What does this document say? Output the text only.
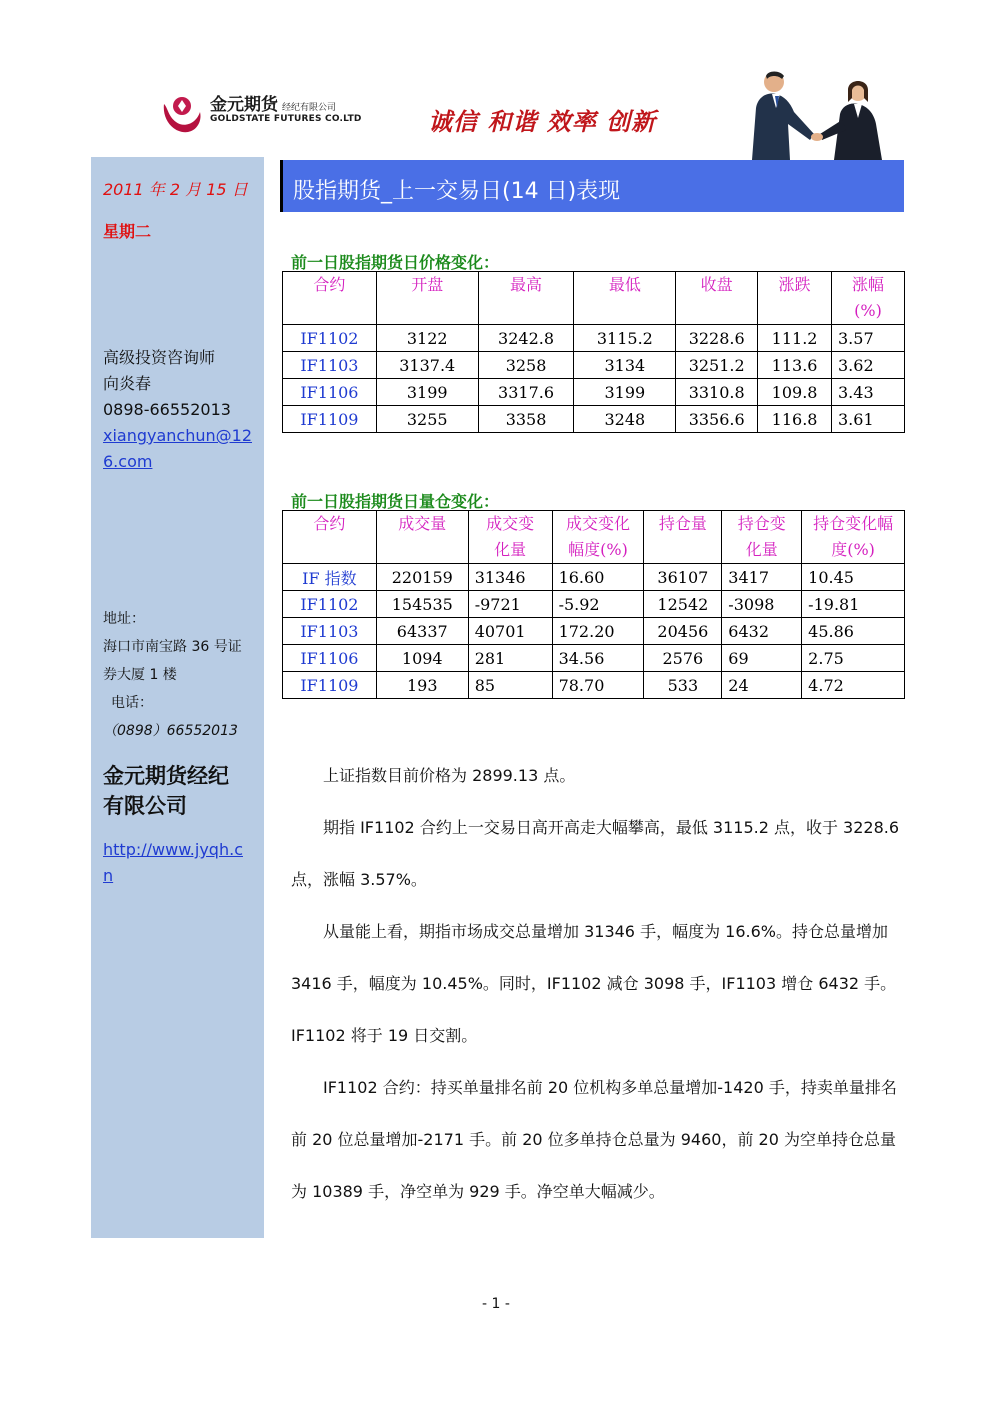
金元期货 经纪有限公司
GOLDSTATE FUTURES CO.LTD	诚信 和谐 效率 创新
2011 年 2 月 15 日
星期二
高级投资咨询师
向炎春
0898-66552013
xiangyanchun@12
6.com
地址：
海口市南宝路 36 号证
券大厦 1 楼
电话：
（0898）66552013
金元期货经纪
有限公司
http://www.jyqh.c
n
股指期货_上一交易日(14 日)表现
前一日股指期货日价格变化：
合约	开盘	最高	最低	收盘	涨跌	涨幅(%)
IF1102	3122	3242.8	3115.2	3228.6	111.2	3.57
IF1103	3137.4	3258	3134	3251.2	113.6	3.62
IF1106	3199	3317.6	3199	3310.8	109.8	3.43
IF1109	3255	3358	3248	3356.6	116.8	3.61
前一日股指期货日量仓变化：
合约	成交量	成交变化量	成交变化幅度(%)	持仓量	持仓变化量	持仓变化幅度(%)
IF 指数	220159	31346	16.60	36107	3417	10.45
IF1102	154535	-9721	-5.92	12542	-3098	-19.81
IF1103	64337	40701	172.20	20456	6432	45.86
IF1106	1094	281	34.56	2576	69	2.75
IF1109	193	85	78.70	533	24	4.72

上证指数目前价格为 2899.13 点。

期指 IF1102 合约上一交易日高开高走大幅攀高，最低 3115.2 点，收于 3228.6 点，涨幅 3.57%。

从量能上看，期指市场成交总量增加 31346 手，幅度为 16.6%。持仓总量增加 3416 手，幅度为 10.45%。同时，IF1102 减仓 3098 手，IF1103 增仓 6432 手。IF1102 将于 19 日交割。

IF1102 合约：持买单量排名前 20 位机构多单总量增加-1420 手，持卖单量排名前 20 位总量增加-2171 手。前 20 位多单持仓总量为 9460，前 20 为空单持仓总量为 10389 手，净空单为 929 手。净空单大幅减少。

- 1 -
